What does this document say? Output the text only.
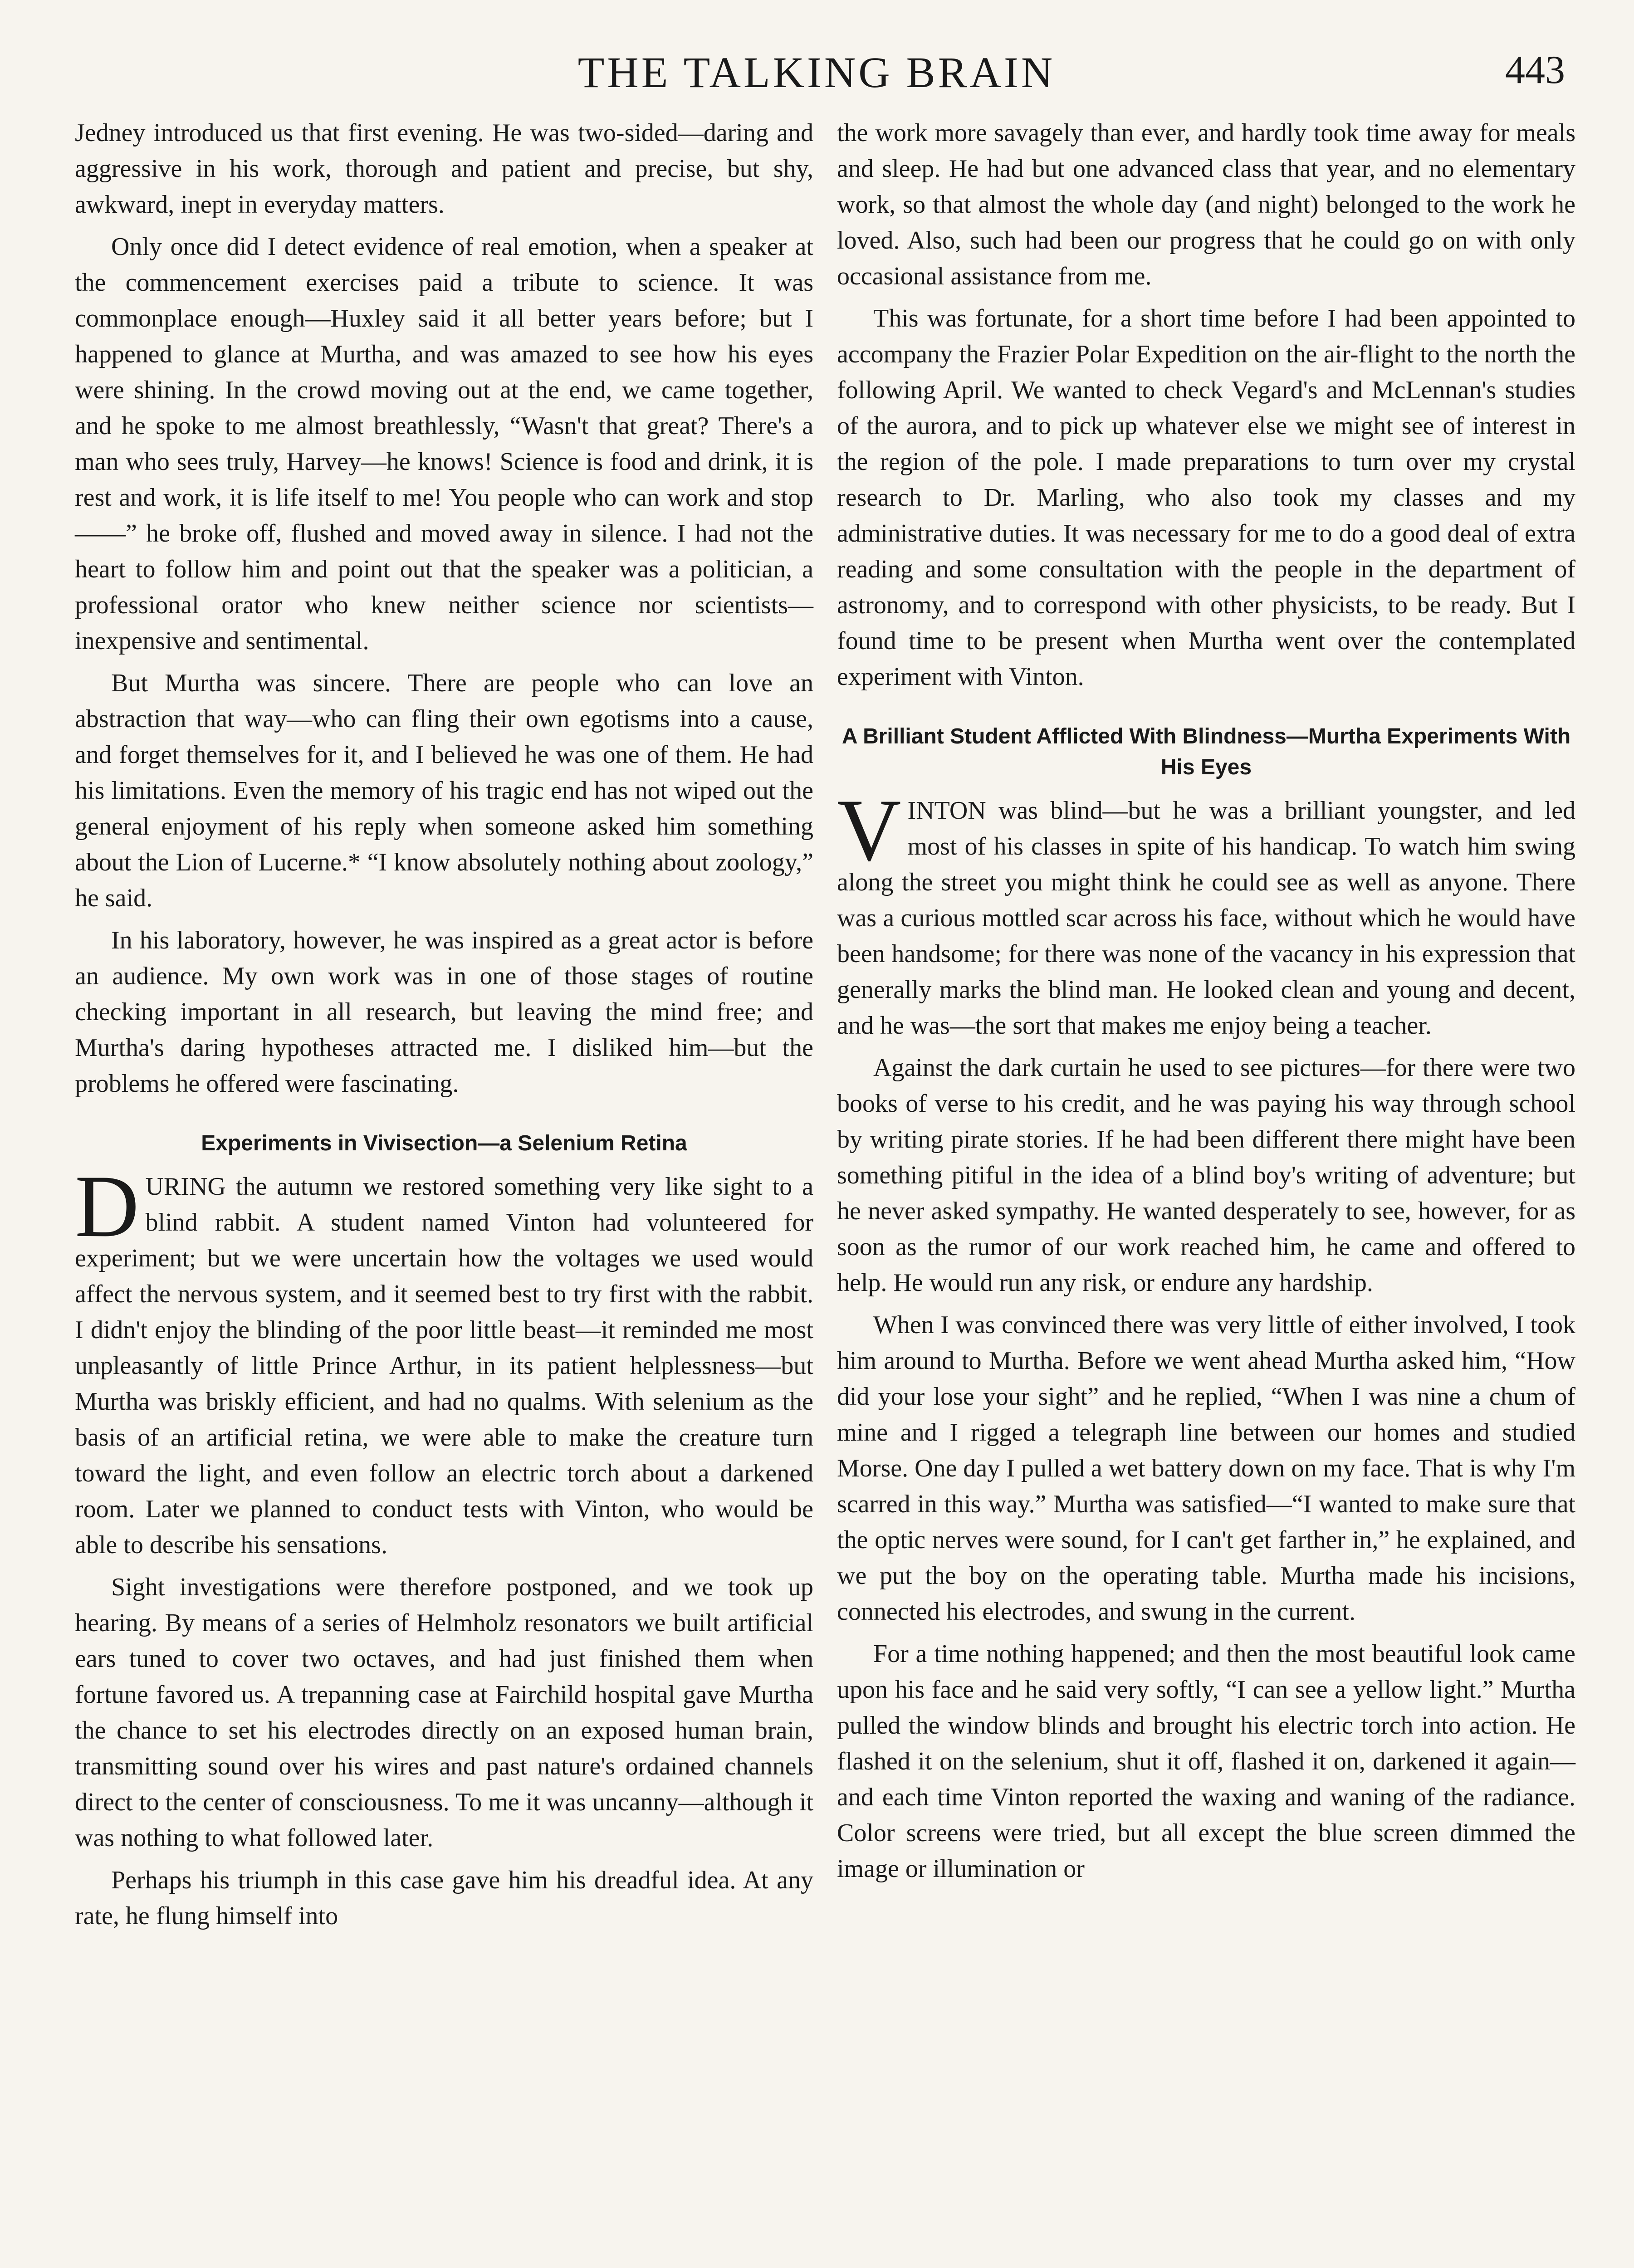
THE TALKING BRAIN	443

Jedney introduced us that first evening. He was two-sided—daring and aggressive in his work, thorough and patient and precise, but shy, awkward, inept in everyday matters.

Only once did I detect evidence of real emotion, when a speaker at the commencement exercises paid a tribute to science. It was commonplace enough—Huxley said it all better years before; but I happened to glance at Murtha, and was amazed to see how his eyes were shining. In the crowd moving out at the end, we came together, and he spoke to me almost breathlessly, “Wasn't that great? There's a man who sees truly, Harvey—he knows! Science is food and drink, it is rest and work, it is life itself to me! You people who can work and stop——” he broke off, flushed and moved away in silence. I had not the heart to follow him and point out that the speaker was a politician, a professional orator who knew neither science nor scientists—inexpensive and sentimental.

But Murtha was sincere. There are people who can love an abstraction that way—who can fling their own egotisms into a cause, and forget themselves for it, and I believed he was one of them. He had his limitations. Even the memory of his tragic end has not wiped out the general enjoyment of his reply when someone asked him something about the Lion of Lucerne.* “I know absolutely nothing about zoology,” he said.

In his laboratory, however, he was inspired as a great actor is before an audience. My own work was in one of those stages of routine checking important in all research, but leaving the mind free; and Murtha's daring hypotheses attracted me. I disliked him—but the problems he offered were fascinating.

Experiments in Vivisection—a Selenium Retina

DURING the autumn we restored something very like sight to a blind rabbit. A student named Vinton had volunteered for experiment; but we were uncertain how the voltages we used would affect the nervous system, and it seemed best to try first with the rabbit. I didn't enjoy the blinding of the poor little beast—it reminded me most unpleasantly of little Prince Arthur, in its patient helplessness—but Murtha was briskly efficient, and had no qualms. With selenium as the basis of an artificial retina, we were able to make the creature turn toward the light, and even follow an electric torch about a darkened room. Later we planned to conduct tests with Vinton, who would be able to describe his sensations.

Sight investigations were therefore postponed, and we took up hearing. By means of a series of Helmholz resonators we built artificial ears tuned to cover two octaves, and had just finished them when fortune favored us. A trepanning case at Fairchild hospital gave Murtha the chance to set his electrodes directly on an exposed human brain, transmitting sound over his wires and past nature's ordained channels direct to the center of consciousness. To me it was uncanny—although it was nothing to what followed later.

Perhaps his triumph in this case gave him his dreadful idea. At any rate, he flung himself into

the work more savagely than ever, and hardly took time away for meals and sleep. He had but one advanced class that year, and no elementary work, so that almost the whole day (and night) belonged to the work he loved. Also, such had been our progress that he could go on with only occasional assistance from me.

This was fortunate, for a short time before I had been appointed to accompany the Frazier Polar Expedition on the air-flight to the north the following April. We wanted to check Vegard's and McLennan's studies of the aurora, and to pick up whatever else we might see of interest in the region of the pole. I made preparations to turn over my crystal research to Dr. Marling, who also took my classes and my administrative duties. It was necessary for me to do a good deal of extra reading and some consultation with the people in the department of astronomy, and to correspond with other physicists, to be ready. But I found time to be present when Murtha went over the contemplated experiment with Vinton.

A Brilliant Student Afflicted With Blindness—Murtha Experiments With His Eyes

VINTON was blind—but he was a brilliant youngster, and led most of his classes in spite of his handicap. To watch him swing along the street you might think he could see as well as anyone. There was a curious mottled scar across his face, without which he would have been handsome; for there was none of the vacancy in his expression that generally marks the blind man. He looked clean and young and decent, and he was—the sort that makes me enjoy being a teacher.

Against the dark curtain he used to see pictures—for there were two books of verse to his credit, and he was paying his way through school by writing pirate stories. If he had been different there might have been something pitiful in the idea of a blind boy's writing of adventure; but he never asked sympathy. He wanted desperately to see, however, for as soon as the rumor of our work reached him, he came and offered to help. He would run any risk, or endure any hardship.

When I was convinced there was very little of either involved, I took him around to Murtha. Before we went ahead Murtha asked him, “How did your lose your sight” and he replied, “When I was nine a chum of mine and I rigged a telegraph line between our homes and studied Morse. One day I pulled a wet battery down on my face. That is why I'm scarred in this way.” Murtha was satisfied—“I wanted to make sure that the optic nerves were sound, for I can't get farther in,” he explained, and we put the boy on the operating table. Murtha made his incisions, connected his electrodes, and swung in the current.

For a time nothing happened; and then the most beautiful look came upon his face and he said very softly, “I can see a yellow light.” Murtha pulled the window blinds and brought his electric torch into action. He flashed it on the selenium, shut it off, flashed it on, darkened it again—and each time Vinton reported the waxing and waning of the radiance. Color screens were tried, but all except the blue screen dimmed the image or illumination or
